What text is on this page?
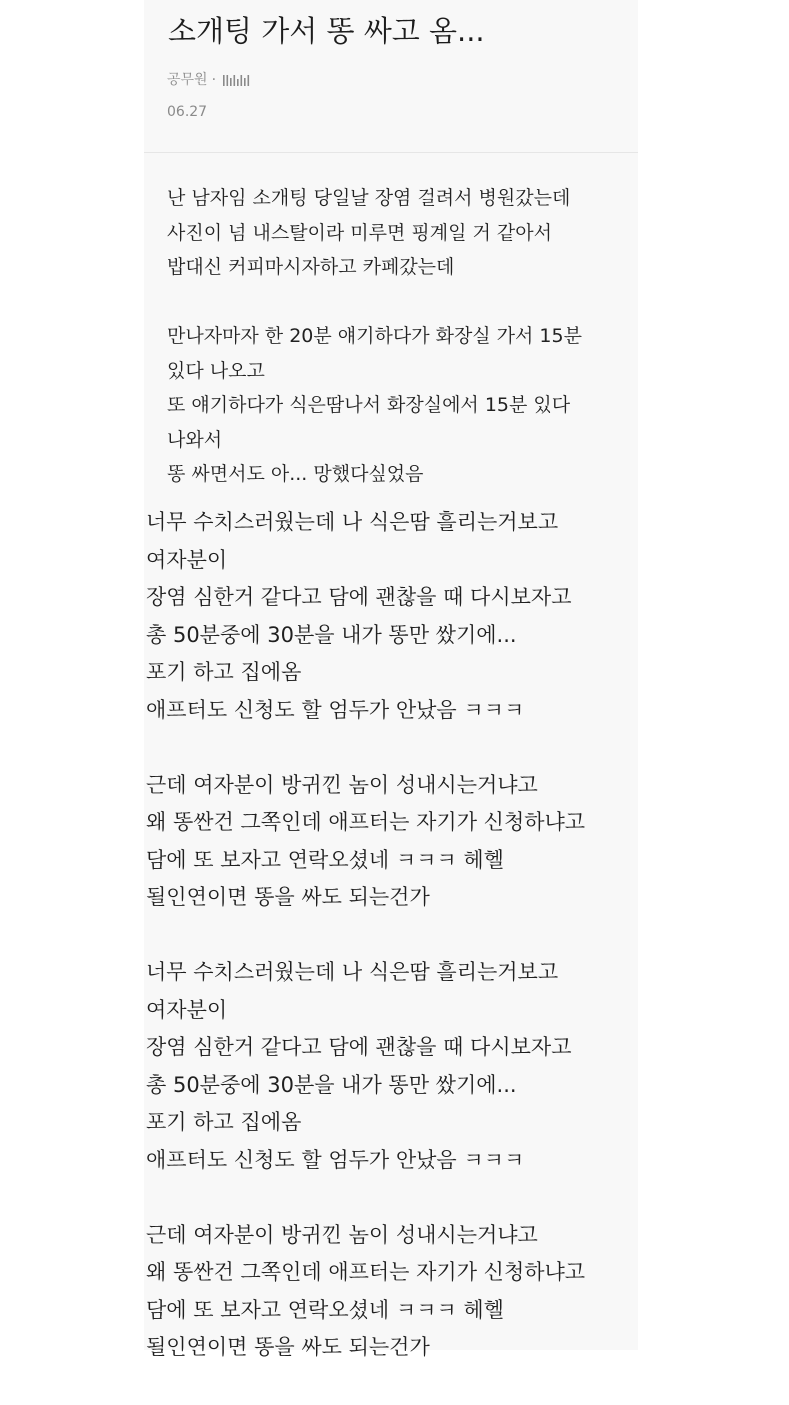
소개팅 가서 똥 싸고 옴...
공무원 ·
06.27
난 남자임 소개팅 당일날 장염 걸려서 병원갔는데
사진이 넘 내스탈이라 미루면 핑계일 거 같아서
밥대신 커피마시자하고 카페갔는데
만나자마자 한 20분 얘기하다가 화장실 가서 15분
있다 나오고
또 얘기하다가 식은땀나서 화장실에서 15분 있다
나와서
똥 싸면서도 아... 망했다싶었음
너무 수치스러웠는데 나 식은땀 흘리는거보고
여자분이
장염 심한거 같다고 담에 괜찮을 때 다시보자고
총 50분중에 30분을 내가 똥만 쌌기에...
포기 하고 집에옴
애프터도 신청도 할 엄두가 안났음 ㅋㅋㅋ
근데 여자분이 방귀낀 놈이 성내시는거냐고
왜 똥싼건 그쪽인데 애프터는 자기가 신청하냐고
담에 또 보자고 연락오셨네 ㅋㅋㅋ 헤헬
될인연이면 똥을 싸도 되는건가
너무 수치스러웠는데 나 식은땀 흘리는거보고
여자분이
장염 심한거 같다고 담에 괜찮을 때 다시보자고
총 50분중에 30분을 내가 똥만 쌌기에...
포기 하고 집에옴
애프터도 신청도 할 엄두가 안났음 ㅋㅋㅋ
근데 여자분이 방귀낀 놈이 성내시는거냐고
왜 똥싼건 그쪽인데 애프터는 자기가 신청하냐고
담에 또 보자고 연락오셨네 ㅋㅋㅋ 헤헬
될인연이면 똥을 싸도 되는건가
